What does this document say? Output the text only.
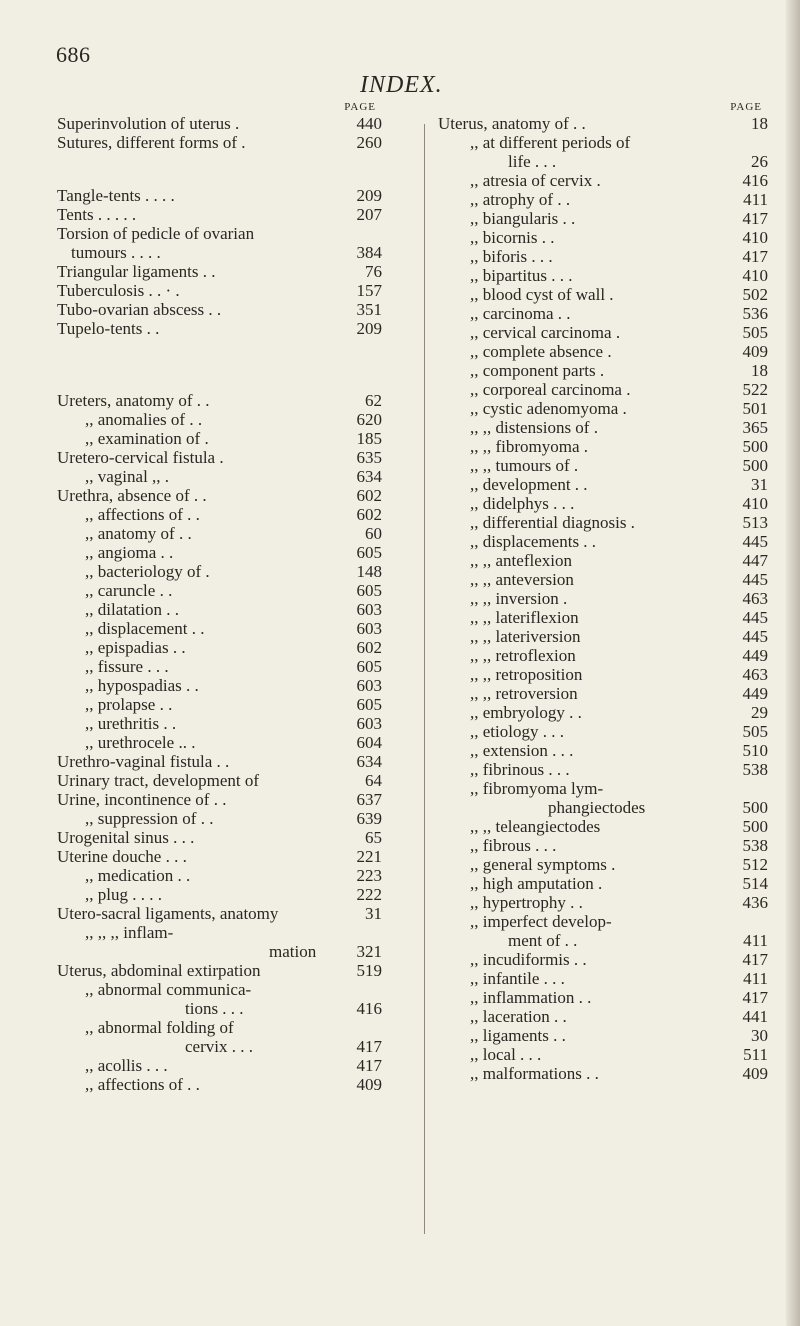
686
INDEX.
PAGE
Superinvolution of uterus .	440
Sutures, different forms of .	260
Tangle-tents . . . .	209
Tents . . . . .	207
Torsion of pedicle of ovarian
tumours . . . .	384
Triangular ligaments . .	76
Tuberculosis . . · .	157
Tubo-ovarian abscess . .	351
Tupelo-tents . .	209
Ureters, anatomy of . .	62
,, anomalies of . .	620
,, examination of .	185
Uretero-cervical fistula .	635
,, vaginal ,, .	634
Urethra, absence of . .	602
,, affections of . .	602
,, anatomy of . .	60
,, angioma . .	605
,, bacteriology of .	148
,, caruncle . .	605
,, dilatation . .	603
,, displacement . .	603
,, epispadias . .	602
,, fissure . . .	605
,, hypospadias . .	603
,, prolapse . .	605
,, urethritis . .	603
,, urethrocele .. .	604
Urethro-vaginal fistula . .	634
Urinary tract, development of	64
Urine, incontinence of . .	637
,, suppression of . .	639
Urogenital sinus . . .	65
Uterine douche . . .	221
,, medication . .	223
,, plug . . . .	222
Utero-sacral ligaments, anatomy	31
,, ,, ,, inflam-
mation	321
Uterus, abdominal extirpation	519
,, abnormal communica-
tions . . .	416
,, abnormal folding of
cervix . . .	417
,, acollis . . .	417
,, affections of . .	409
PAGE
Uterus, anatomy of . .	18
,, at different periods of
life . . .	26
,, atresia of cervix .	416
,, atrophy of . .	411
,, biangularis . .	417
,, bicornis . .	410
,, biforis . . .	417
,, bipartitus . . .	410
,, blood cyst of wall .	502
,, carcinoma . .	536
,, cervical carcinoma .	505
,, complete absence .	409
,, component parts .	18
,, corporeal carcinoma .	522
,, cystic adenomyoma .	501
,, ,, distensions of .	365
,, ,, fibromyoma .	500
,, ,, tumours of .	500
,, development . .	31
,, didelphys . . .	410
,, differential diagnosis .	513
,, displacements . .	445
,, ,, anteflexion	447
,, ,, anteversion	445
,, ,, inversion .	463
,, ,, lateriflexion	445
,, ,, lateriversion	445
,, ,, retroflexion	449
,, ,, retroposition	463
,, ,, retroversion	449
,, embryology . .	29
,, etiology . . .	505
,, extension . . .	510
,, fibrinous . . .	538
,, fibromyoma lym-
phangiectodes	500
,, ,, teleangiectodes	500
,, fibrous . . .	538
,, general symptoms .	512
,, high amputation .	514
,, hypertrophy . .	436
,, imperfect develop-
ment of . .	411
,, incudiformis . .	417
,, infantile . . .	411
,, inflammation . .	417
,, laceration . .	441
,, ligaments . .	30
,, local . . .	511
,, malformations . .	409
